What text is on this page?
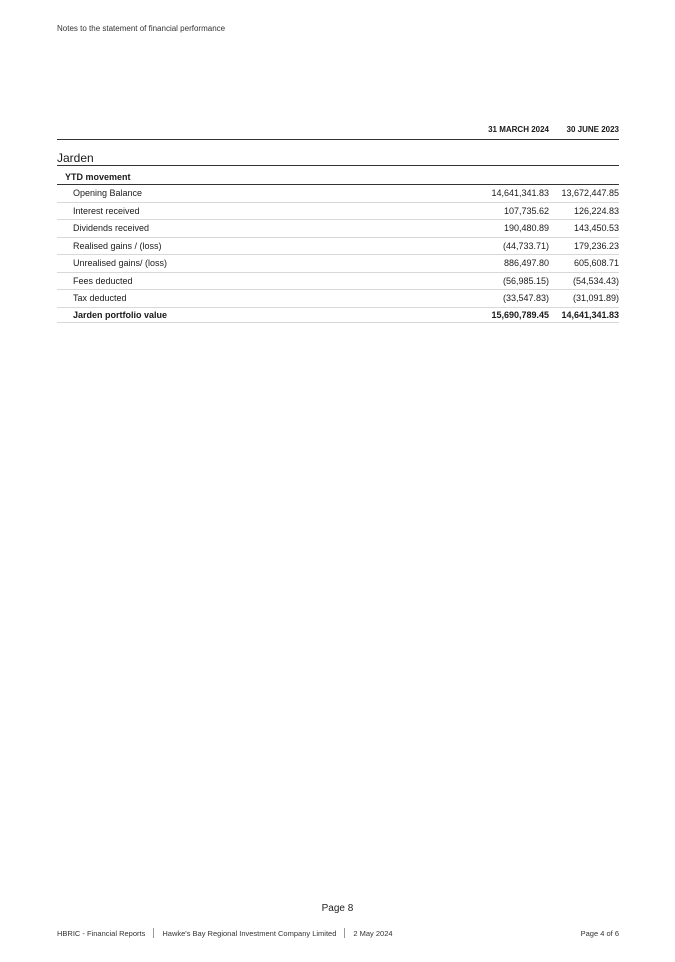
Notes to the statement of financial performance
31 MARCH 2024	30 JUNE 2023
Jarden
YTD movement
Opening Balance	14,641,341.83	13,672,447.85
Interest received	107,735.62	126,224.83
Dividends received	190,480.89	143,450.53
Realised gains / (loss)	(44,733.71)	179,236.23
Unrealised gains/ (loss)	886,497.80	605,608.71
Fees deducted	(56,985.15)	(54,534.43)
Tax deducted	(33,547.83)	(31,091.89)
Jarden portfolio value	15,690,789.45	14,641,341.83
Page 8
HBRIC - Financial Reports Hawke's Bay Regional Investment Company Limited 2 May 2024	Page 4 of 6
